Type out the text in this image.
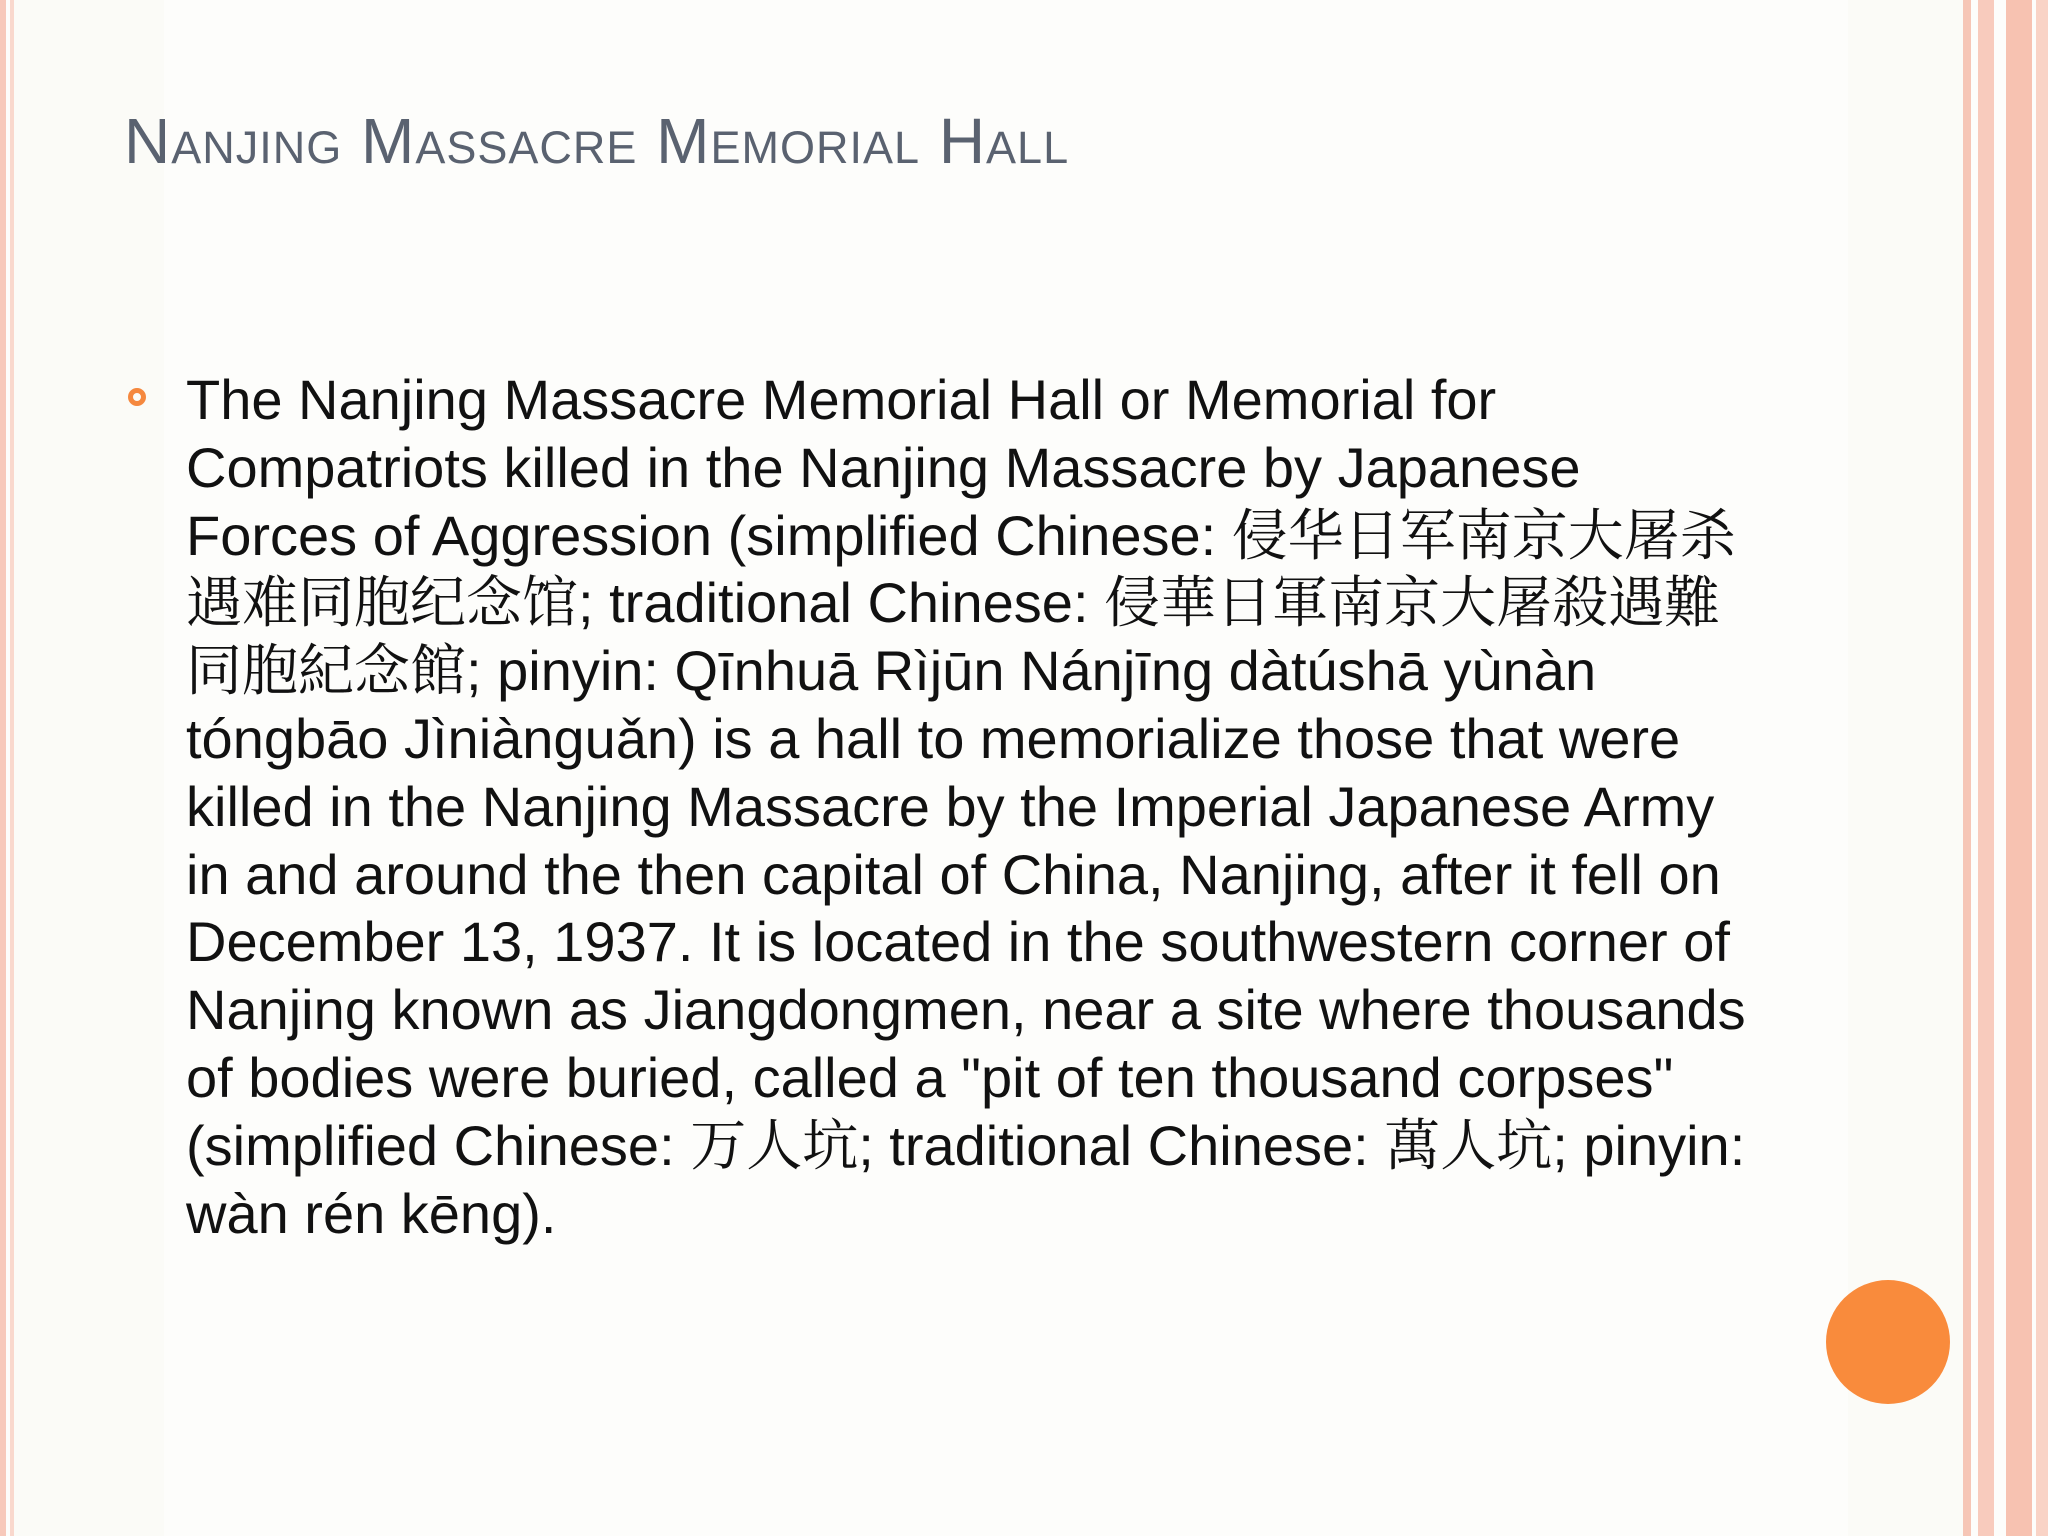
Nanjing Massacre Memorial Hall
The Nanjing Massacre Memorial Hall or Memorial for Compatriots killed in the Nanjing Massacre by Japanese Forces of Aggression (simplified Chinese: 侵华日军南京大屠杀遇难同胞纪念馆; traditional Chinese: 侵華日軍南京大屠殺遇難同胞紀念館; pinyin: Qīnhuā Rìjūn Nánjīng dàtúshā yùnàn tóngbāo Jìniànguǎn) is a hall to memorialize those that were killed in the Nanjing Massacre by the Imperial Japanese Army in and around the then capital of China, Nanjing, after it fell on December 13, 1937. It is located in the southwestern corner of Nanjing known as Jiangdongmen, near a site where thousands of bodies were buried, called a "pit of ten thousand corpses" (simplified Chinese: 万人坑; traditional Chinese: 萬人坑; pinyin: wàn rén kēng).
